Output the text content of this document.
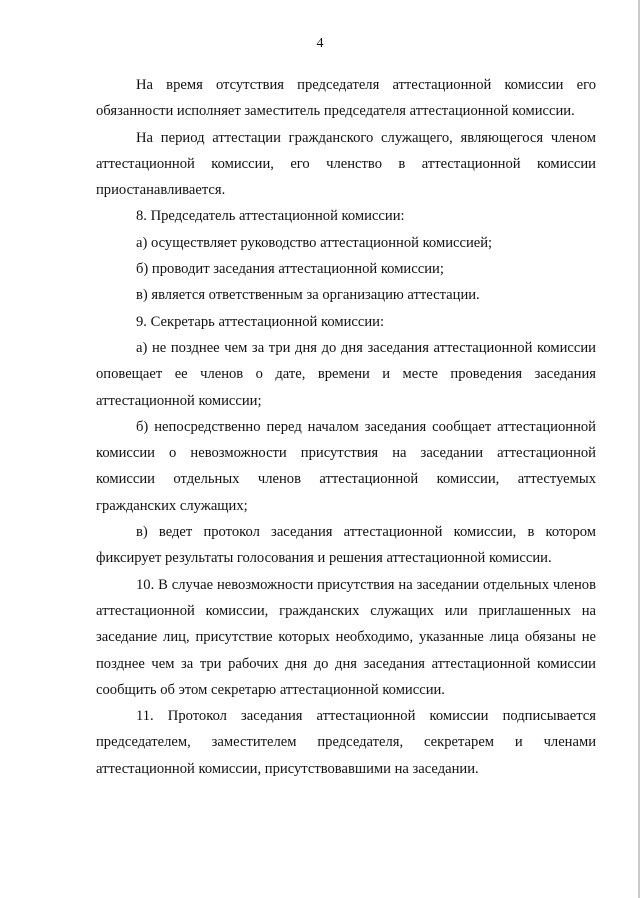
4

На время отсутствия председателя аттестационной комиссии его обязанности исполняет заместитель председателя аттестационной комиссии.

На период аттестации гражданского служащего, являющегося членом аттестационной комиссии, его членство в аттестационной комиссии приостанавливается.

8. Председатель аттестационной комиссии:

а) осуществляет руководство аттестационной комиссией;

б) проводит заседания аттестационной комиссии;

в) является ответственным за организацию аттестации.

9. Секретарь аттестационной комиссии:

а) не позднее чем за три дня до дня заседания аттестационной комиссии оповещает ее членов о дате, времени и месте проведения заседания аттестационной комиссии;

б) непосредственно перед началом заседания сообщает аттестационной комиссии о невозможности присутствия на заседании аттестационной комиссии отдельных членов аттестационной комиссии, аттестуемых гражданских служащих;

в) ведет протокол заседания аттестационной комиссии, в котором фиксирует результаты голосования и решения аттестационной комиссии.

10. В случае невозможности присутствия на заседании отдельных членов аттестационной комиссии, гражданских служащих или приглашенных на заседание лиц, присутствие которых необходимо, указанные лица обязаны не позднее чем за три рабочих дня до дня заседания аттестационной комиссии сообщить об этом секретарю аттестационной комиссии.

11. Протокол заседания аттестационной комиссии подписывается председателем, заместителем председателя, секретарем и членами аттестационной комиссии, присутствовавшими на заседании.
